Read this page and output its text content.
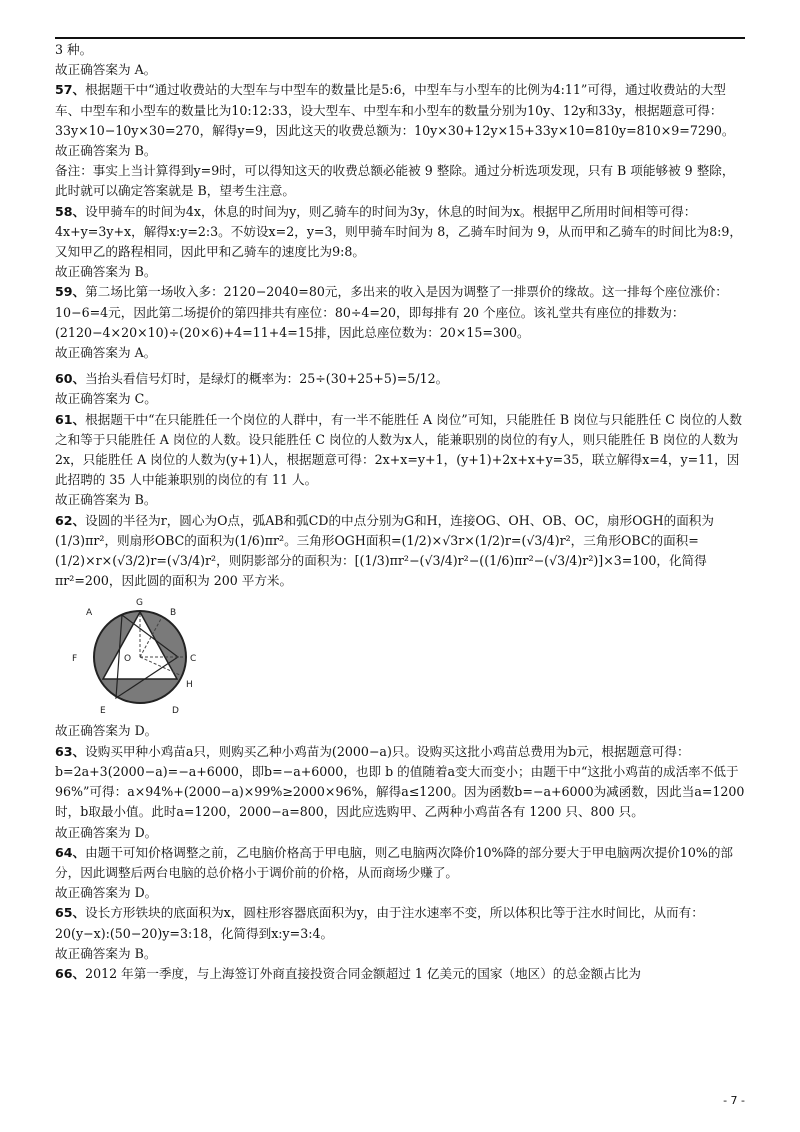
3 种。

故正确答案为 A。

57、根据题干中“通过收费站的大型车与中型车的数量比是5:6，中型车与小型车的比例为4:11”可得，通过收费站的大型车、中型车和小型车的数量比为10:12:33，设大型车、中型车和小型车的数量分别为10y、12y和33y，根据题意可得：33y×10−10y×30=270，解得y=9，因此这天的收费总额为：10y×30+12y×15+33y×10=810y=810×9=7290。

故正确答案为 B。

备注：事实上当计算得到y=9时，可以得知这天的收费总额必能被 9 整除。通过分析选项发现，只有 B 项能够被 9 整除，此时就可以确定答案就是 B，望考生注意。

58、设甲骑车的时间为4x，休息的时间为y，则乙骑车的时间为3y，休息的时间为x。根据甲乙所用时间相等可得：4x+y=3y+x，解得x:y=2:3。不妨设x=2，y=3，则甲骑车时间为 8，乙骑车时间为 9，从而甲和乙骑车的时间比为8:9，又知甲乙的路程相同，因此甲和乙骑车的速度比为9:8。

故正确答案为 B。

59、第二场比第一场收入多：2120−2040=80元，多出来的收入是因为调整了一排票价的缘故。这一排每个座位涨价：10−6=4元，因此第二场提价的第四排共有座位：80÷4=20，即每排有 20 个座位。该礼堂共有座位的排数为：(2120−4×20×10)÷(20×6)+4=11+4=15排，因此总座位数为：20×15=300。

故正确答案为 A。

60、当抬头看信号灯时，是绿灯的概率为：25÷(30+25+5)=5/12。

故正确答案为 C。

61、根据题干中“在只能胜任一个岗位的人群中，有一半不能胜任 A 岗位”可知，只能胜任 B 岗位与只能胜任 C 岗位的人数之和等于只能胜任 A 岗位的人数。设只能胜任 C 岗位的人数为x人，能兼职别的岗位的有y人，则只能胜任 B 岗位的人数为2x，只能胜任 A 岗位的人数为(y+1)人，根据题意可得：2x+x=y+1，(y+1)+2x+x+y=35，联立解得x=4，y=11，因此招聘的 35 人中能兼职别的岗位的有 11 人。

故正确答案为 B。

62、设圆的半径为r，圆心为O点，弧AB和弧CD的中点分别为G和H，连接OG、OH、OB、OC，扇形OGH的面积为(1/3)πr²，则扇形OBC的面积为(1/6)πr²。三角形OGH面积=(1/2)×√3r×(1/2)r=(√3/4)r²，三角形OBC的面积=(1/2)×r×(√3/2)r=(√3/4)r²，则阴影部分的面积为：[(1/3)πr²−(√3/4)r²−((1/6)πr²−(√3/4)r²)]×3=100，化简得πr²=200，因此圆的面积为 200 平方米。

A
G
B
F	O	C
H
E	D

故正确答案为 D。

63、设购买甲种小鸡苗a只，则购买乙种小鸡苗为(2000−a)只。设购买这批小鸡苗总费用为b元，根据题意可得：b=2a+3(2000−a)=−a+6000，即b=−a+6000，也即 b 的值随着a变大而变小；由题干中“这批小鸡苗的成活率不低于96%”可得：a×94%+(2000−a)×99%≥2000×96%，解得a≤1200。因为函数b=−a+6000为减函数，因此当a=1200时，b取最小值。此时a=1200，2000−a=800，因此应选购甲、乙两种小鸡苗各有 1200 只、800 只。

故正确答案为 D。

64、由题干可知价格调整之前，乙电脑价格高于甲电脑，则乙电脑两次降价10%降的部分要大于甲电脑两次提价10%的部分，因此调整后两台电脑的总价格小于调价前的价格，从而商场少赚了。

故正确答案为 D。

65、设长方形铁块的底面积为x，圆柱形容器底面积为y，由于注水速率不变，所以体积比等于注水时间比，从而有：20(y−x):(50−20)y=3:18，化简得到x:y=3:4。

故正确答案为 B。

66、2012 年第一季度，与上海签订外商直接投资合同金额超过 1 亿美元的国家（地区）的总金额占比为

- 7 -
